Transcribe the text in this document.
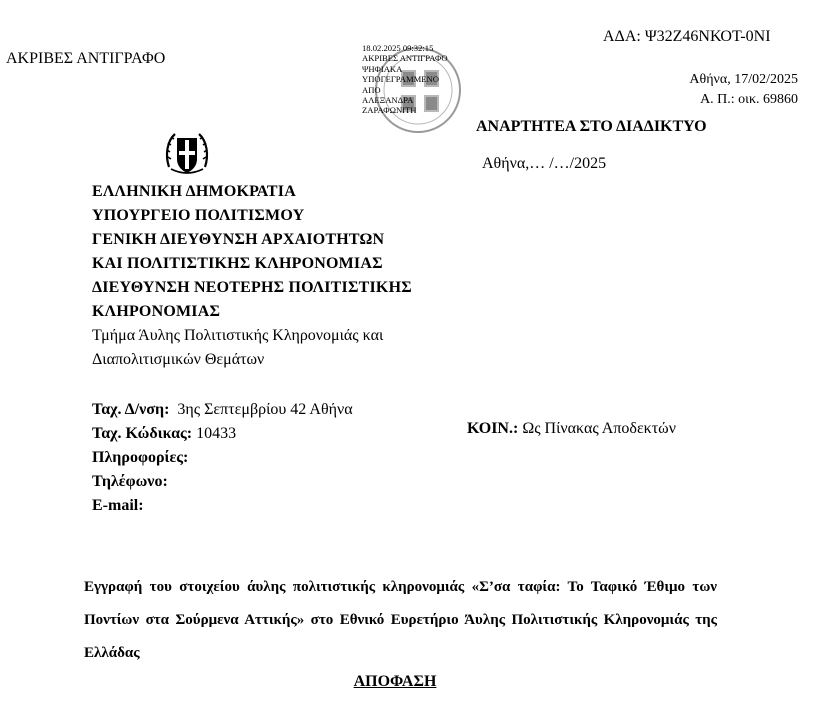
ΑΚΡΙΒΕΣ ΑΝΤΙΓΡΑΦΟ
ΑΔΑ: Ψ32Ζ46ΝΚΟΤ-0ΝΙ
Αθήνα, 17/02/2025
Α. Π.: οικ. 69860
18.02.2025 09:32:15
ΑΚΡΙΒΕΣ ΑΝΤΙΓΡΑΦΟ
ΨΗΦΙΑΚΑ
ΥΠΟΓΕΓΡΑΜΜΕΝΟ
ΑΠΟ
ΑΛΕΞΑΝΔΡΑ
ΖΑΡΑΦΩΝΙΤΗ
ΑΝΑΡΤΗΤΕΑ ΣΤΟ ΔΙΑΔΙΚΤΥΟ
Αθήνα,… /…/2025
ΕΛΛΗΝΙΚΗ ΔΗΜΟΚΡΑΤΙΑ
ΥΠΟΥΡΓΕΙΟ ΠΟΛΙΤΙΣΜΟΥ
ΓΕΝΙΚΗ ΔΙΕΥΘΥΝΣΗ ΑΡΧΑΙΟΤΗΤΩΝ
ΚΑΙ ΠΟΛΙΤΙΣΤΙΚΗΣ ΚΛΗΡΟΝΟΜΙΑΣ
ΔΙΕΥΘΥΝΣΗ ΝΕΟΤΕΡΗΣ ΠΟΛΙΤΙΣΤΙΚΗΣ
ΚΛΗΡΟΝΟΜΙΑΣ
Τμήμα Άυλης Πολιτιστικής Κληρονομιάς και
Διαπολιτισμικών Θεμάτων
Ταχ. Δ/νση: 3ης Σεπτεμβρίου 42 Αθήνα
Ταχ. Κώδικας: 10433
Πληροφορίες:
Τηλέφωνο:
E-mail:
ΚΟΙΝ.: Ως Πίνακας Αποδεκτών
Εγγραφή του στοιχείου άυλης πολιτιστικής κληρονομιάς «Σ’σα ταφία: Το Ταφικό Έθιμο των Ποντίων στα Σούρμενα Αττικής» στο Εθνικό Ευρετήριο Άυλης Πολιτιστικής Κληρονομιάς της Ελλάδας
ΑΠΟΦΑΣΗ
